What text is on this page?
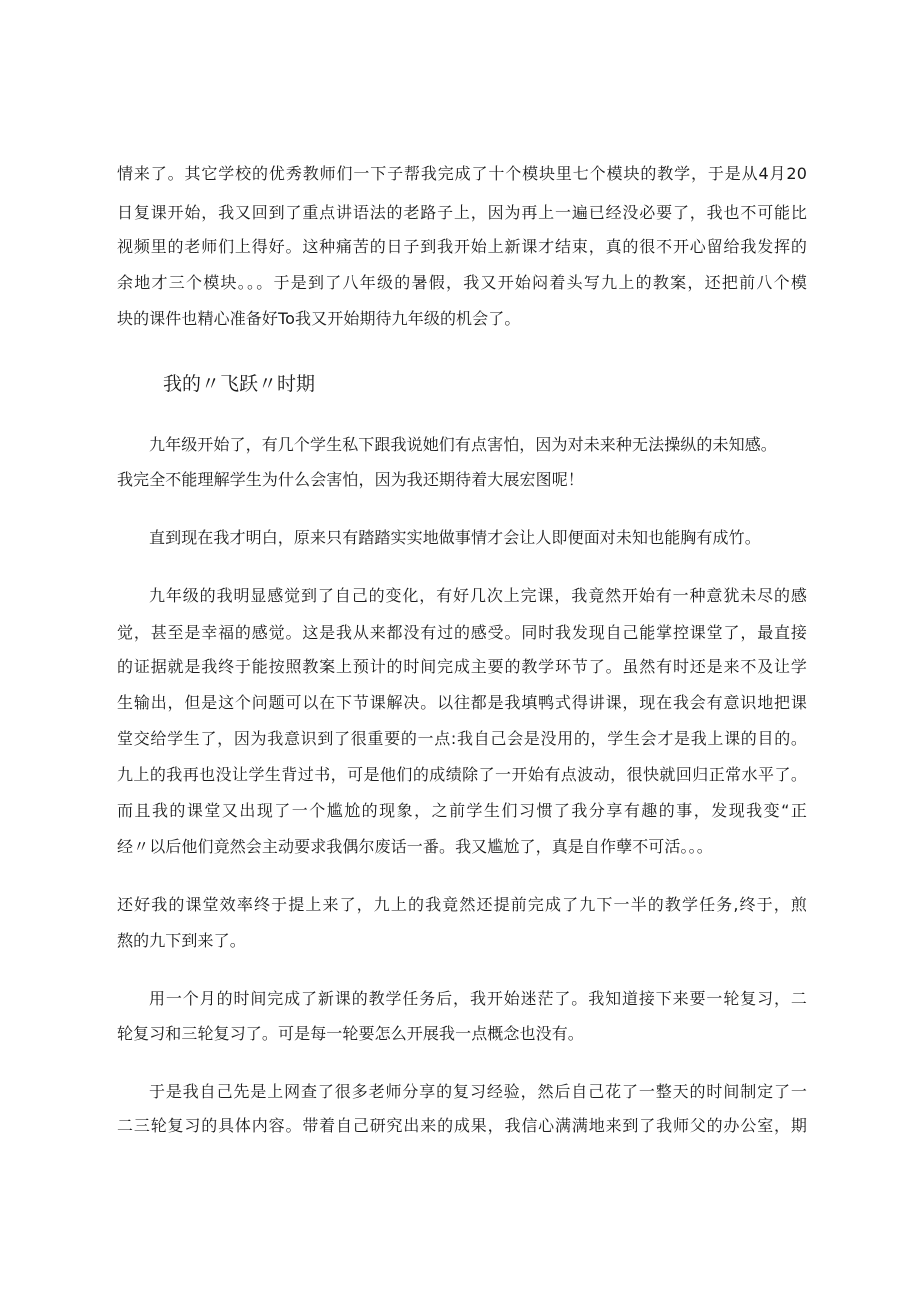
情来了。其它学校的优秀教师们一下子帮我完成了十个模块里七个模块的教学，于是从4月20
日复课开始，我又回到了重点讲语法的老路子上，因为再上一遍已经没必要了，我也不可能比
视频里的老师们上得好。这种痛苦的日子到我开始上新课才结束，真的很不开心留给我发挥的
余地才三个模块。。。于是到了八年级的暑假，我又开始闷着头写九上的教案，还把前八个模
块的课件也精心准备好To我又开始期待九年级的机会了。
我的〃飞跃〃时期
九年级开始了，有几个学生私下跟我说她们有点害怕，因为对未来种无法操纵的未知感。
我完全不能理解学生为什么会害怕，因为我还期待着大展宏图呢！
直到现在我才明白，原来只有踏踏实实地做事情才会让人即便面对未知也能胸有成竹。
九年级的我明显感觉到了自己的变化，有好几次上完课，我竟然开始有一种意犹未尽的感
觉，甚至是幸福的感觉。这是我从来都没有过的感受。同时我发现自己能掌控课堂了，最直接
的证据就是我终于能按照教案上预计的时间完成主要的教学环节了。虽然有时还是来不及让学
生输出，但是这个问题可以在下节课解决。以往都是我填鸭式得讲课，现在我会有意识地把课
堂交给学生了，因为我意识到了很重要的一点:我自己会是没用的，学生会才是我上课的目的。
九上的我再也没让学生背过书，可是他们的成绩除了一开始有点波动，很快就回归正常水平了。
而且我的课堂又出现了一个尴尬的现象，之前学生们习惯了我分享有趣的事，发现我变“正
经〃以后他们竟然会主动要求我偶尔废话一番。我又尴尬了，真是自作孽不可活。。。
还好我的课堂效率终于提上来了，九上的我竟然还提前完成了九下一半的教学任务,终于，煎
熬的九下到来了。
用一个月的时间完成了新课的教学任务后，我开始迷茫了。我知道接下来要一轮复习，二
轮复习和三轮复习了。可是每一轮要怎么开展我一点概念也没有。
于是我自己先是上网查了很多老师分享的复习经验，然后自己花了一整天的时间制定了一
二三轮复习的具体内容。带着自己研究出来的成果，我信心满满地来到了我师父的办公室，期
